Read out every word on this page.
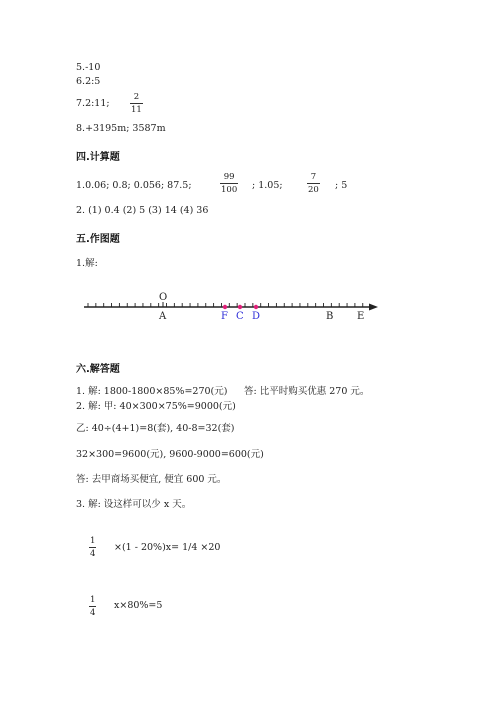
5.-10
6.2:5
7.2:11;
2
11
8.+3195m; 3587m
四.计算题
1.0.06; 0.8; 0.056; 87.5;
99
100 ; 1.05;
7
20 ; 5
2. (1) 0.4 (2) 5 (3) 14 (4) 36
五.作图题
1.解:
O
A	F C D	B E
六.解答题
1. 解: 1800-1800×85%=270(元) 答: 比平时购买优惠 270 元。
2. 解: 甲: 40×300×75%=9000(元)
乙: 40÷(4+1)=8(套), 40-8=32(套)
32×300=9600(元), 9600-9000=600(元)
答: 去甲商场买便宜, 便宜 600 元。
3. 解: 设这样可以少 x 天。
1
4
×(1 - 20%)x= 1/4 ×20
1
4
x×80%=5
